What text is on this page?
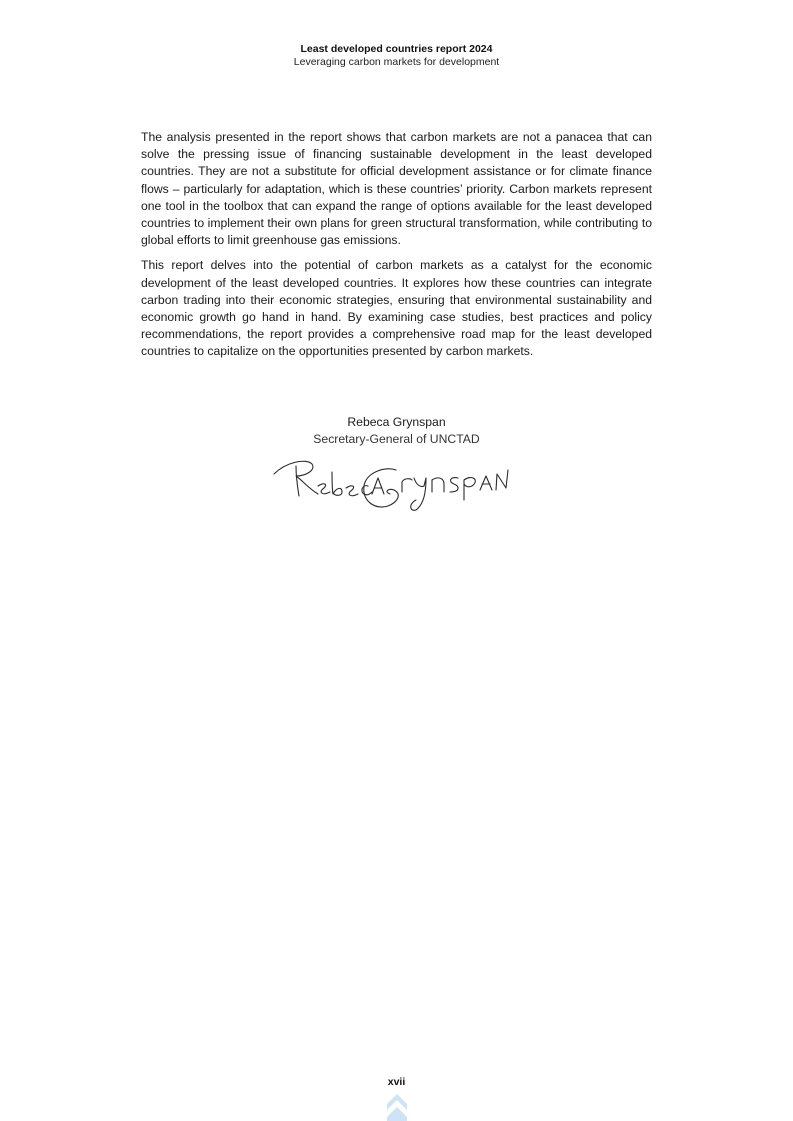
Least developed countries report 2024
Leveraging carbon markets for development

The analysis presented in the report shows that carbon markets are not a panacea that can solve the pressing issue of financing sustainable development in the least developed countries. They are not a substitute for official development assistance or for climate finance flows – particularly for adaptation, which is these countries’ priority. Carbon markets represent one tool in the toolbox that can expand the range of options available for the least developed countries to implement their own plans for green structural transformation, while contributing to global efforts to limit greenhouse gas emissions.

This report delves into the potential of carbon markets as a catalyst for the economic development of the least developed countries. It explores how these countries can integrate carbon trading into their economic strategies, ensuring that environmental sustainability and economic growth go hand in hand. By examining case studies, best practices and policy recommendations, the report provides a comprehensive road map for the least developed countries to capitalize on the opportunities presented by carbon markets.

Rebeca Grynspan
Secretary-General of UNCTAD
xvii
